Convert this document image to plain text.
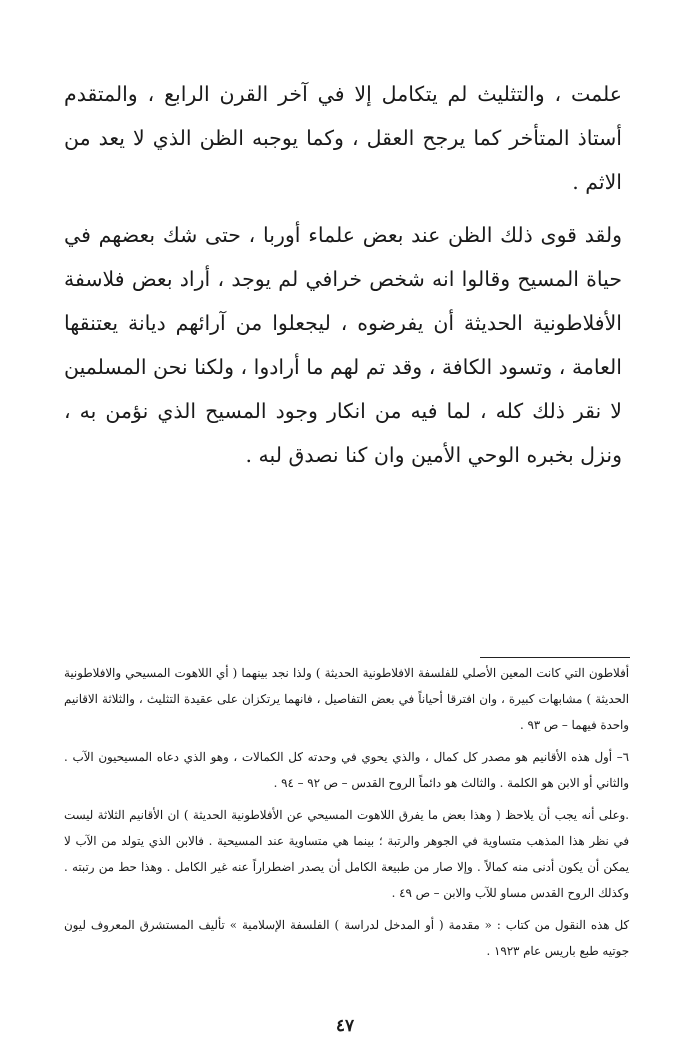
علمت ، والتثليث لم يتكامل إلا في آخر القرن الرابع ، والمتقدم أستاذ المتأخر كما يرجح العقل ، وكما يوجبه الظن الذي لا يعد من الاثم .

ولقد قوى ذلك الظن عند بعض علماء أوربا ، حتى شك بعضهم في حياة المسيح وقالوا انه شخص خرافي لم يوجد ، أراد بعض فلاسفة الأفلاطونية الحديثة أن يفرضوه ، ليجعلوا من آرائهم ديانة يعتنقها العامة ، وتسود الكافة ، وقد تم لهم ما أرادوا ، ولكنا نحن المسلمين لا نقر ذلك كله ، لما فيه من انكار وجود المسيح الذي نؤمن به ، ونزل بخبره الوحي الأمين وان كنا نصدق لبه .

أفلاطون التي كانت المعين الأصلي للفلسفة الافلاطونية الحديثة ) ولذا نجد بينهما ( أي اللاهوت المسيحي والافلاطونية الحديثة ) مشابهات كبيرة ، وان افترقا أحياناً في بعض التفاصيل ، فانهما يرتكزان على عقيدة التثليث ، والثلاثة الاقانيم واحدة فيهما – ص ٩٣ .

٦– أول هذه الأقانيم هو مصدر كل كمال ، والذي يحوي في وحدته كل الكمالات ، وهو الذي دعاه المسيحيون الآب . والثاني أو الابن هو الكلمة . والثالث هو دائماً الروح القدس – ص ٩٢ – ٩٤ .

.وعلى أنه يجب أن يلاحظ ( وهذا بعض ما يفرق اللاهوت المسيحي عن الأفلاطونية الحديثة ) ان الأقانيم الثلاثة ليست في نظر هذا المذهب متساوية في الجوهر والرتبة ؛ بينما هي متساوية عند المسيحية . فالابن الذي يتولد من الآب لا يمكن أن يكون أدنى منه كمالاً . وإلا صار من طبيعة الكامل أن يصدر اضطراراً عنه غير الكامل . وهذا حط من رتبته . وكذلك الروح القدس مساو للآب والابن – ص ٤٩ .

كل هذه النقول من كتاب : « مقدمة ( أو المدخل لدراسة ) الفلسفة الإسلامية » تأليف المستشرق المعروف ليون جوتيه طبع باريس عام ١٩٢٣ .

٤٧
